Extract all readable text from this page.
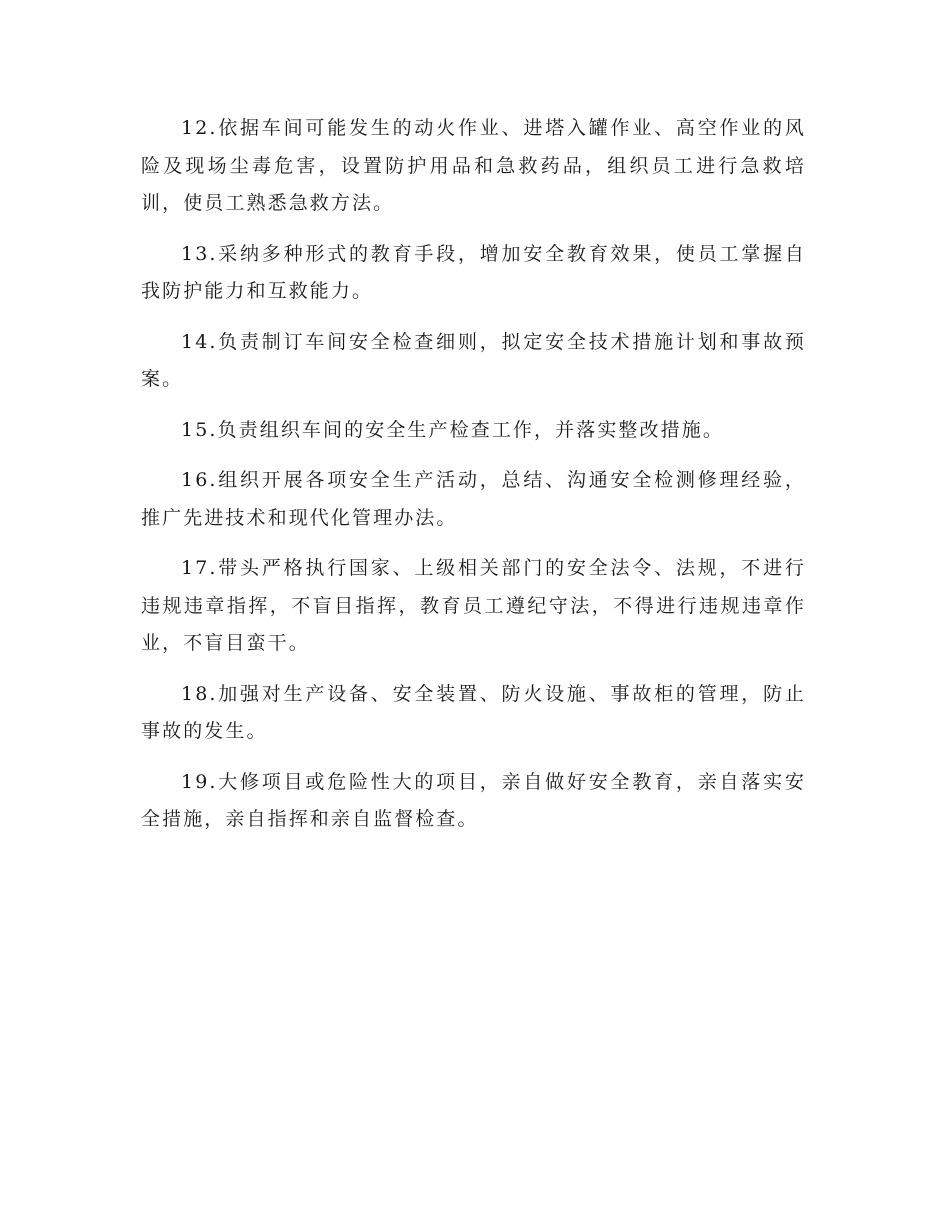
12.依据车间可能发生的动火作业、进塔入罐作业、高空作业的风险及现场尘毒危害，设置防护用品和急救药品，组织员工进行急救培训，使员工熟悉急救方法。

13.采纳多种形式的教育手段，增加安全教育效果，使员工掌握自我防护能力和互救能力。

14.负责制订车间安全检查细则，拟定安全技术措施计划和事故预案。

15.负责组织车间的安全生产检查工作，并落实整改措施。

16.组织开展各项安全生产活动，总结、沟通安全检测修理经验，推广先进技术和现代化管理办法。

17.带头严格执行国家、上级相关部门的安全法令、法规，不进行违规违章指挥，不盲目指挥，教育员工遵纪守法，不得进行违规违章作业，不盲目蛮干。

18.加强对生产设备、安全装置、防火设施、事故柜的管理，防止事故的发生。

19.大修项目或危险性大的项目，亲自做好安全教育，亲自落实安全措施，亲自指挥和亲自监督检查。
